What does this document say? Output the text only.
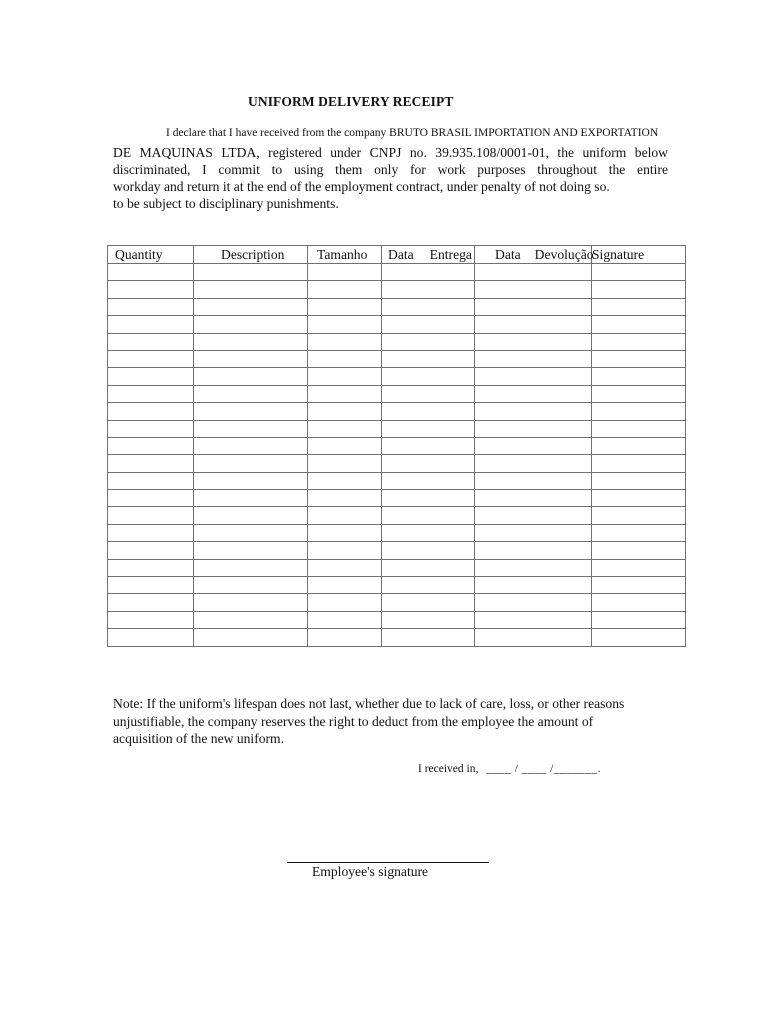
UNIFORM DELIVERY RECEIPT
I declare that I have received from the company BRUTO BRASIL IMPORTATION AND EXPORTATION
DE MAQUINAS LTDA, registered under CNPJ no. 39.935.108/0001-01, the uniform below
discriminated, I commit to using them only for work purposes throughout the entire
workday and return it at the end of the employment contract, under penalty of not doing so.
to be subject to disciplinary punishments.
Quantity	Description	Tamanho	Data Entrega	Data Devolução	Signature

Note: If the uniform's lifespan does not last, whether due to lack of care, loss, or other reasons
unjustifiable, the company reserves the right to deduct from the employee the amount of
acquisition of the new uniform.
I received in, ____ / ____ /_______.
Employee's signature
